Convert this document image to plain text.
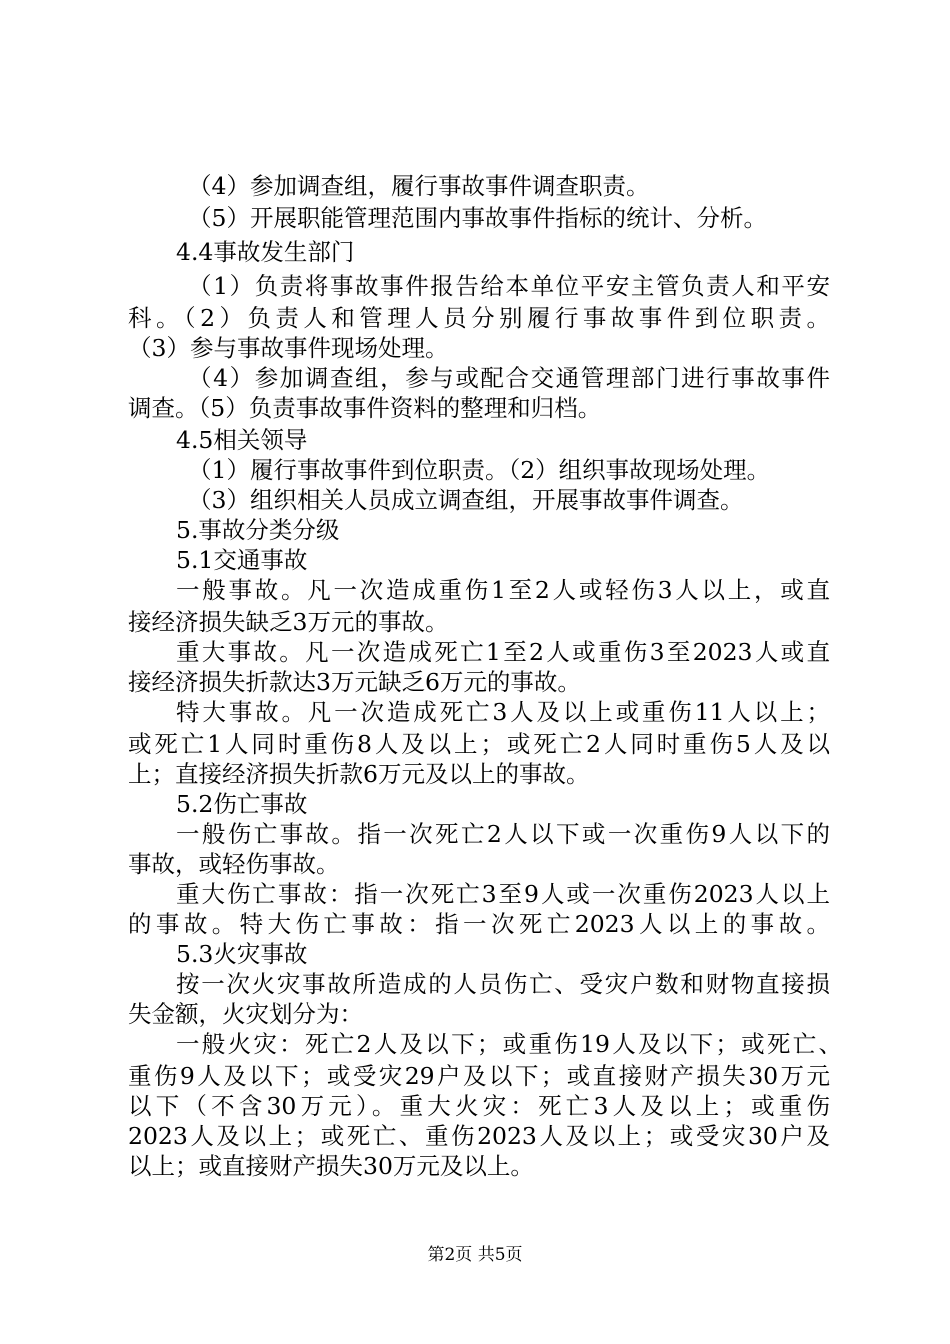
（4）参加调查组，履行事故事件调查职责。
（5）开展职能管理范围内事故事件指标的统计、分析。
4.4事故发生部门
（1）负责将事故事件报告给本单位平安主管负责人和平安
科。（2）负责人和管理人员分别履行事故事件到位职责。
（3）参与事故事件现场处理。
（4）参加调查组，参与或配合交通管理部门进行事故事件
调查。（5）负责事故事件资料的整理和归档。
4.5相关领导
（1）履行事故事件到位职责。（2）组织事故现场处理。
（3）组织相关人员成立调查组，开展事故事件调查。
5.事故分类分级
5.1交通事故
一般事故。凡一次造成重伤1至2人或轻伤3人以上，或直
接经济损失缺乏3万元的事故。
重大事故。凡一次造成死亡1至2人或重伤3至2023人或直
接经济损失折款达3万元缺乏6万元的事故。
特大事故。凡一次造成死亡3人及以上或重伤11人以上；
或死亡1人同时重伤8人及以上；或死亡2人同时重伤5人及以
上；直接经济损失折款6万元及以上的事故。
5.2伤亡事故
一般伤亡事故。指一次死亡2人以下或一次重伤9人以下的
事故，或轻伤事故。
重大伤亡事故：指一次死亡3至9人或一次重伤2023人以上
的事故。特大伤亡事故：指一次死亡2023人以上的事故。
5.3火灾事故
按一次火灾事故所造成的人员伤亡、受灾户数和财物直接损
失金额，火灾划分为：
一般火灾：死亡2人及以下；或重伤19人及以下；或死亡、
重伤9人及以下；或受灾29户及以下；或直接财产损失30万元
以下（不含30万元）。重大火灾：死亡3人及以上；或重伤
2023人及以上；或死亡、重伤2023人及以上；或受灾30户及
以上；或直接财产损失30万元及以上。
第2页 共5页
